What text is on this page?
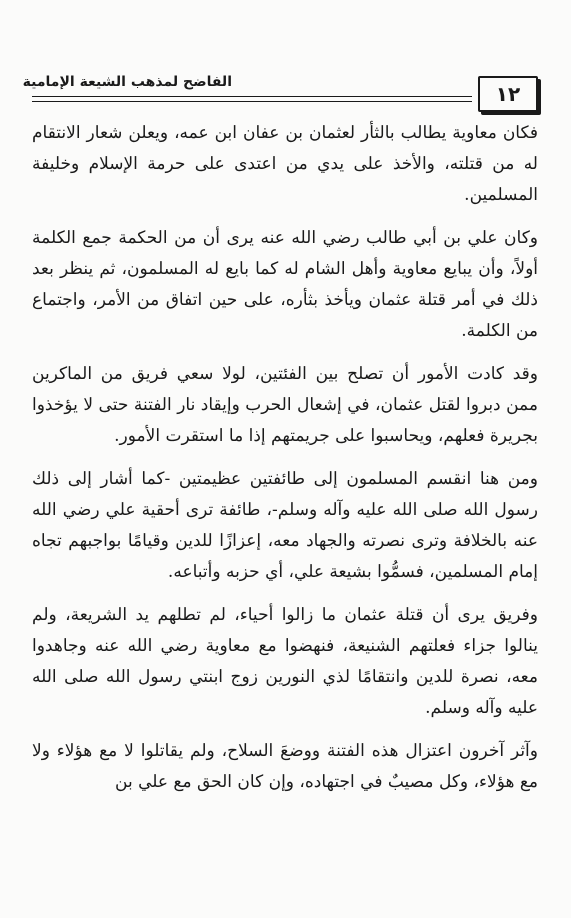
١٢
الفاضح لمذهب الشيعة الإمامية

فكان معاوية يطالب بالثأر لعثمان بن عفان ابن عمه، ويعلن شعار الانتقام له من قتلته، والأخذ على يدي من اعتدى على حرمة الإسلام وخليفة المسلمين.

وكان علي بن أبي طالب رضي الله عنه يرى أن من الحكمة جمع الكلمة أولاً، وأن يبايع معاوية وأهل الشام له كما بايع له المسلمون، ثم ينظر بعد ذلك في أمر قتلة عثمان ويأخذ بثأره، على حين اتفاق من الأمر، واجتماع من الكلمة.

وقد كادت الأمور أن تصلح بين الفئتين، لولا سعي فريق من الماكرين ممن دبروا لقتل عثمان، في إشعال الحرب وإيقاد نار الفتنة حتى لا يؤخذوا بجريرة فعلهم، ويحاسبوا على جريمتهم إذا ما استقرت الأمور.

ومن هنا انقسم المسلمون إلى طائفتين عظيمتين -كما أشار إلى ذلك رسول الله صلى الله عليه وآله وسلم-، طائفة ترى أحقية علي رضي الله عنه بالخلافة وترى نصرته والجهاد معه، إعزازًا للدين وقيامًا بواجبهم تجاه إمام المسلمين، فسمُّوا بشيعة علي، أي حزبه وأتباعه.

وفريق يرى أن قتلة عثمان ما زالوا أحياء، لم تطلهم يد الشريعة، ولم ينالوا جزاء فعلتهم الشنيعة، فنهضوا مع معاوية رضي الله عنه وجاهدوا معه، نصرة للدين وانتقامًا لذي النورين زوج ابنتي رسول الله صلى الله عليه وآله وسلم.

وآثر آخرون اعتزال هذه الفتنة ووضعَ السلاح، ولم يقاتلوا لا مع هؤلاء ولا مع هؤلاء، وكل مصيبٌ في اجتهاده، وإن كان الحق مع علي بن
